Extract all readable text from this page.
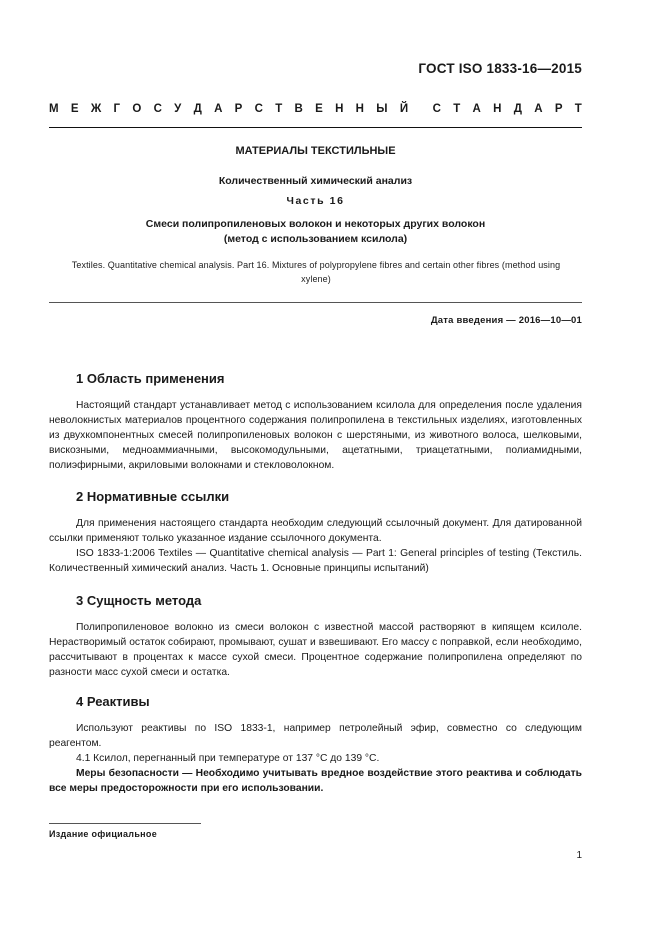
ГОСТ ISO 1833-16—2015
М Е Ж Г О С У Д А Р С Т В Е Н Н Ы Й С Т А Н Д А Р Т
МАТЕРИАЛЫ ТЕКСТИЛЬНЫЕ
Количественный химический анализ
Часть 16
Смеси полипропиленовых волокон и некоторых других волокон
(метод с использованием ксилола)
Textiles. Quantitative chemical analysis. Part 16. Mixtures of polypropylene fibres and certain other fibres (method using xylene)
Дата введения — 2016—10—01
1 Область применения

Настоящий стандарт устанавливает метод с использованием ксилола для определения после удаления неволокнистых материалов процентного содержания полипропилена в текстильных изделиях, изготовленных из двухкомпонентных смесей полипропиленовых волокон с шерстяными, из животного волоса, шелковыми, вискозными, медноаммиачными, высокомодульными, ацетатными, триацетатными, полиамидными, полиэфирными, акриловыми волокнами и стекловолокном.

2 Нормативные ссылки

Для применения настоящего стандарта необходим следующий ссылочный документ. Для датированной ссылки применяют только указанное издание ссылочного документа.

ISO 1833-1:2006 Textiles — Quantitative chemical analysis — Part 1: General principles of testing (Текстиль. Количественный химический анализ. Часть 1. Основные принципы испытаний)

3 Сущность метода

Полипропиленовое волокно из смеси волокон с известной массой растворяют в кипящем ксилоле. Нерастворимый остаток собирают, промывают, сушат и взвешивают. Его массу с поправкой, если необходимо, рассчитывают в процентах к массе сухой смеси. Процентное содержание полипропилена определяют по разности масс сухой смеси и остатка.

4 Реактивы

Используют реактивы по ISO 1833-1, например петролейный эфир, совместно со следующим реагентом.

4.1 Ксилол, перегнанный при температуре от 137 °С до 139 °С.

Меры безопасности — Необходимо учитывать вредное воздействие этого реактива и соблюдать все меры предосторожности при его использовании.

Издание официальное
1
